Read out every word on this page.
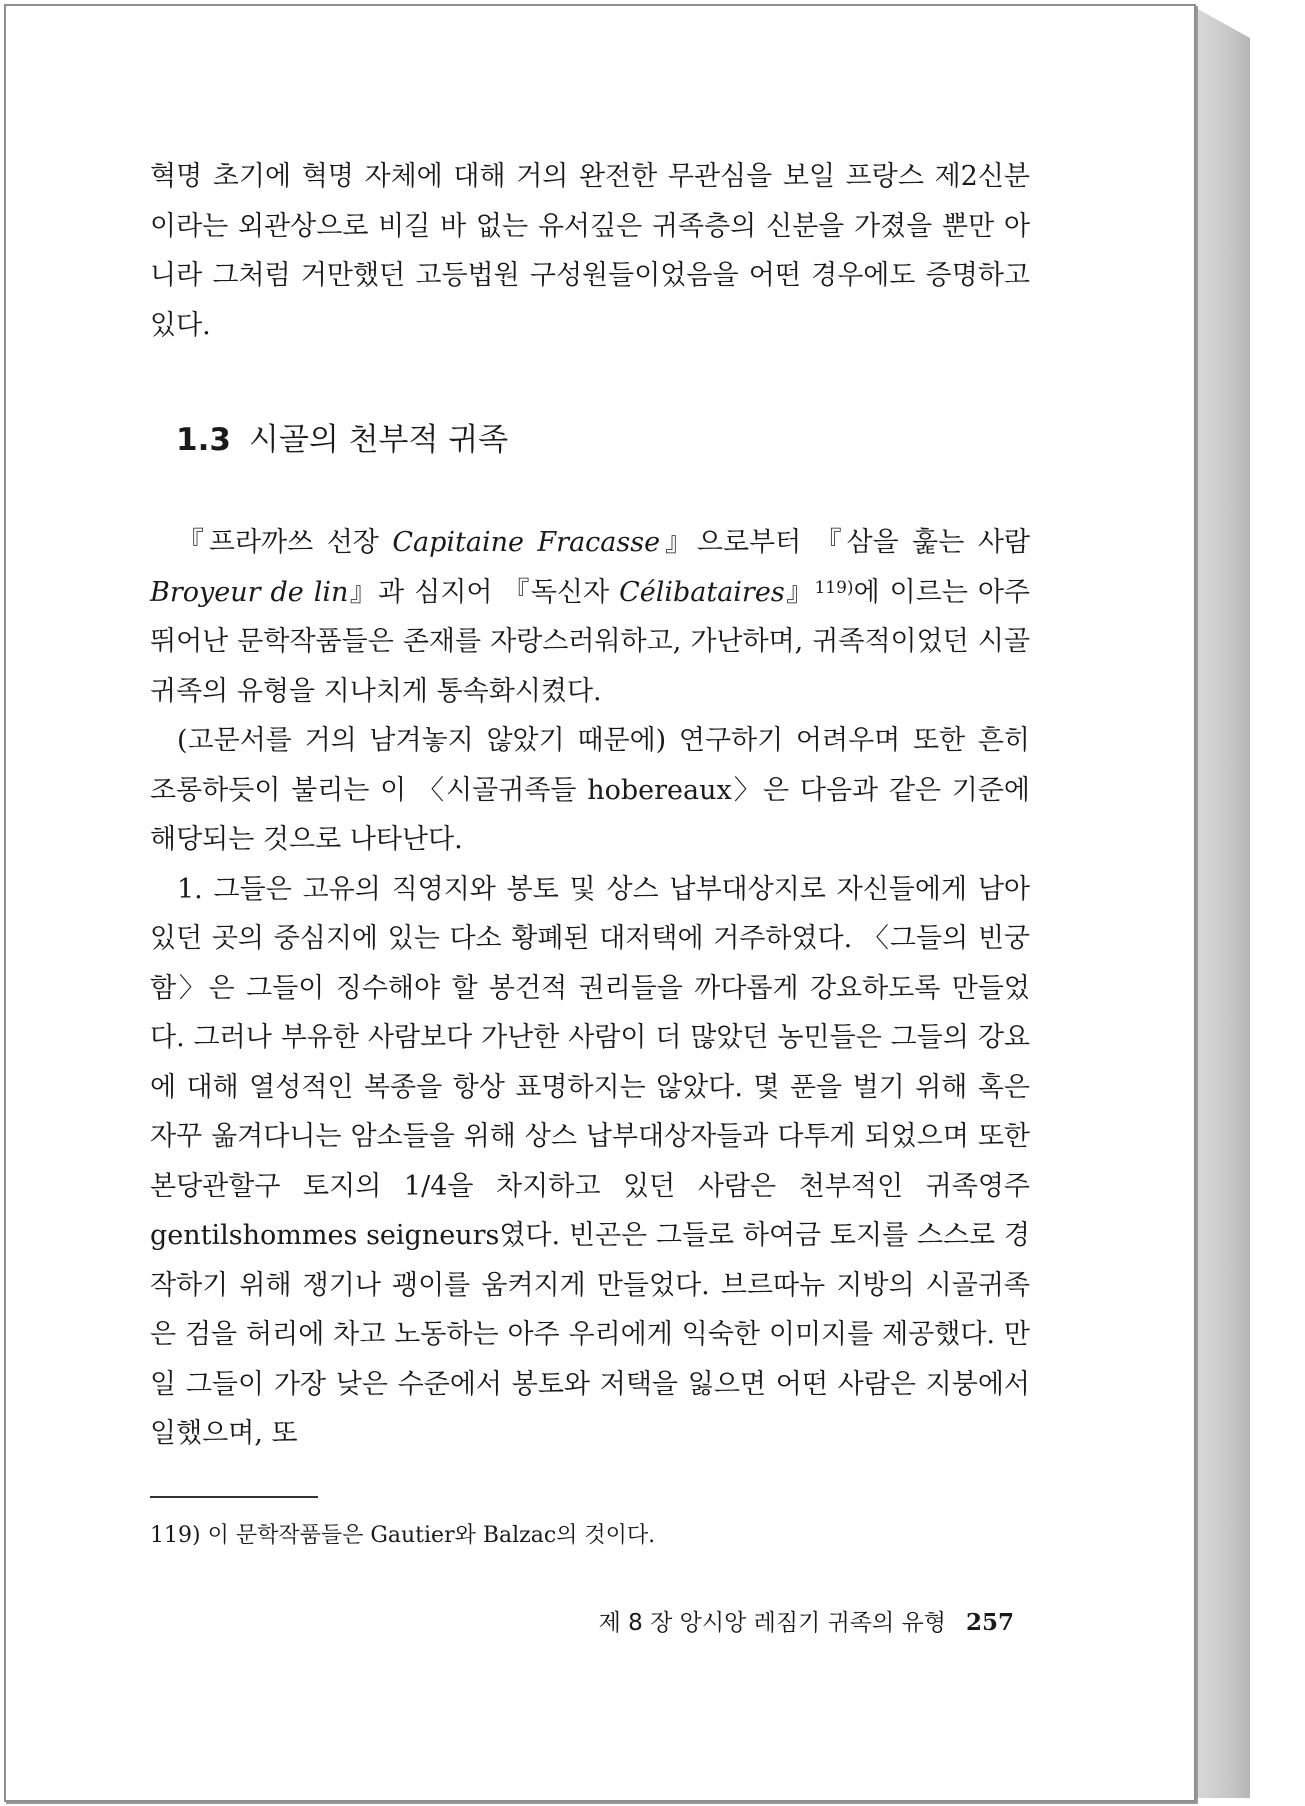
혁명 초기에 혁명 자체에 대해 거의 완전한 무관심을 보일 프랑스 제2신분이라는 외관상으로 비길 바 없는 유서깊은 귀족층의 신분을 가졌을 뿐만 아니라 그처럼 거만했던 고등법원 구성원들이었음을 어떤 경우에도 증명하고 있다.

1.3 시골의 천부적 귀족

『프라까쓰 선장 Capitaine Fracasse』으로부터 『삼을 훑는 사람 Broyeur de lin』과 심지어 『독신자 Célibataires』$^{119)}$에 이르는 아주 뛰어난 문학작품들은 존재를 자랑스러워하고, 가난하며, 귀족적이었던 시골귀족의 유형을 지나치게 통속화시켰다.

(고문서를 거의 남겨놓지 않았기 때문에) 연구하기 어려우며 또한 흔히 조롱하듯이 불리는 이 〈시골귀족들 hobereaux〉은 다음과 같은 기준에 해당되는 것으로 나타난다.

1. 그들은 고유의 직영지와 봉토 및 상스 납부대상지로 자신들에게 남아 있던 곳의 중심지에 있는 다소 황폐된 대저택에 거주하였다. 〈그들의 빈궁함〉은 그들이 징수해야 할 봉건적 권리들을 까다롭게 강요하도록 만들었다. 그러나 부유한 사람보다 가난한 사람이 더 많았던 농민들은 그들의 강요에 대해 열성적인 복종을 항상 표명하지는 않았다. 몇 푼을 벌기 위해 혹은 자꾸 옮겨다니는 암소들을 위해 상스 납부대상자들과 다투게 되었으며 또한 본당관할구 토지의 1/4을 차지하고 있던 사람은 천부적인 귀족영주 gentilshommes seigneurs였다. 빈곤은 그들로 하여금 토지를 스스로 경작하기 위해 쟁기나 괭이를 움켜지게 만들었다. 브르따뉴 지방의 시골귀족은 검을 허리에 차고 노동하는 아주 우리에게 익숙한 이미지를 제공했다. 만일 그들이 가장 낮은 수준에서 봉토와 저택을 잃으면 어떤 사람은 지붕에서 일했으며, 또

119) 이 문학작품들은 Gautier와 Balzac의 것이다.
제 8 장 앙시앙 레짐기 귀족의 유형 257
